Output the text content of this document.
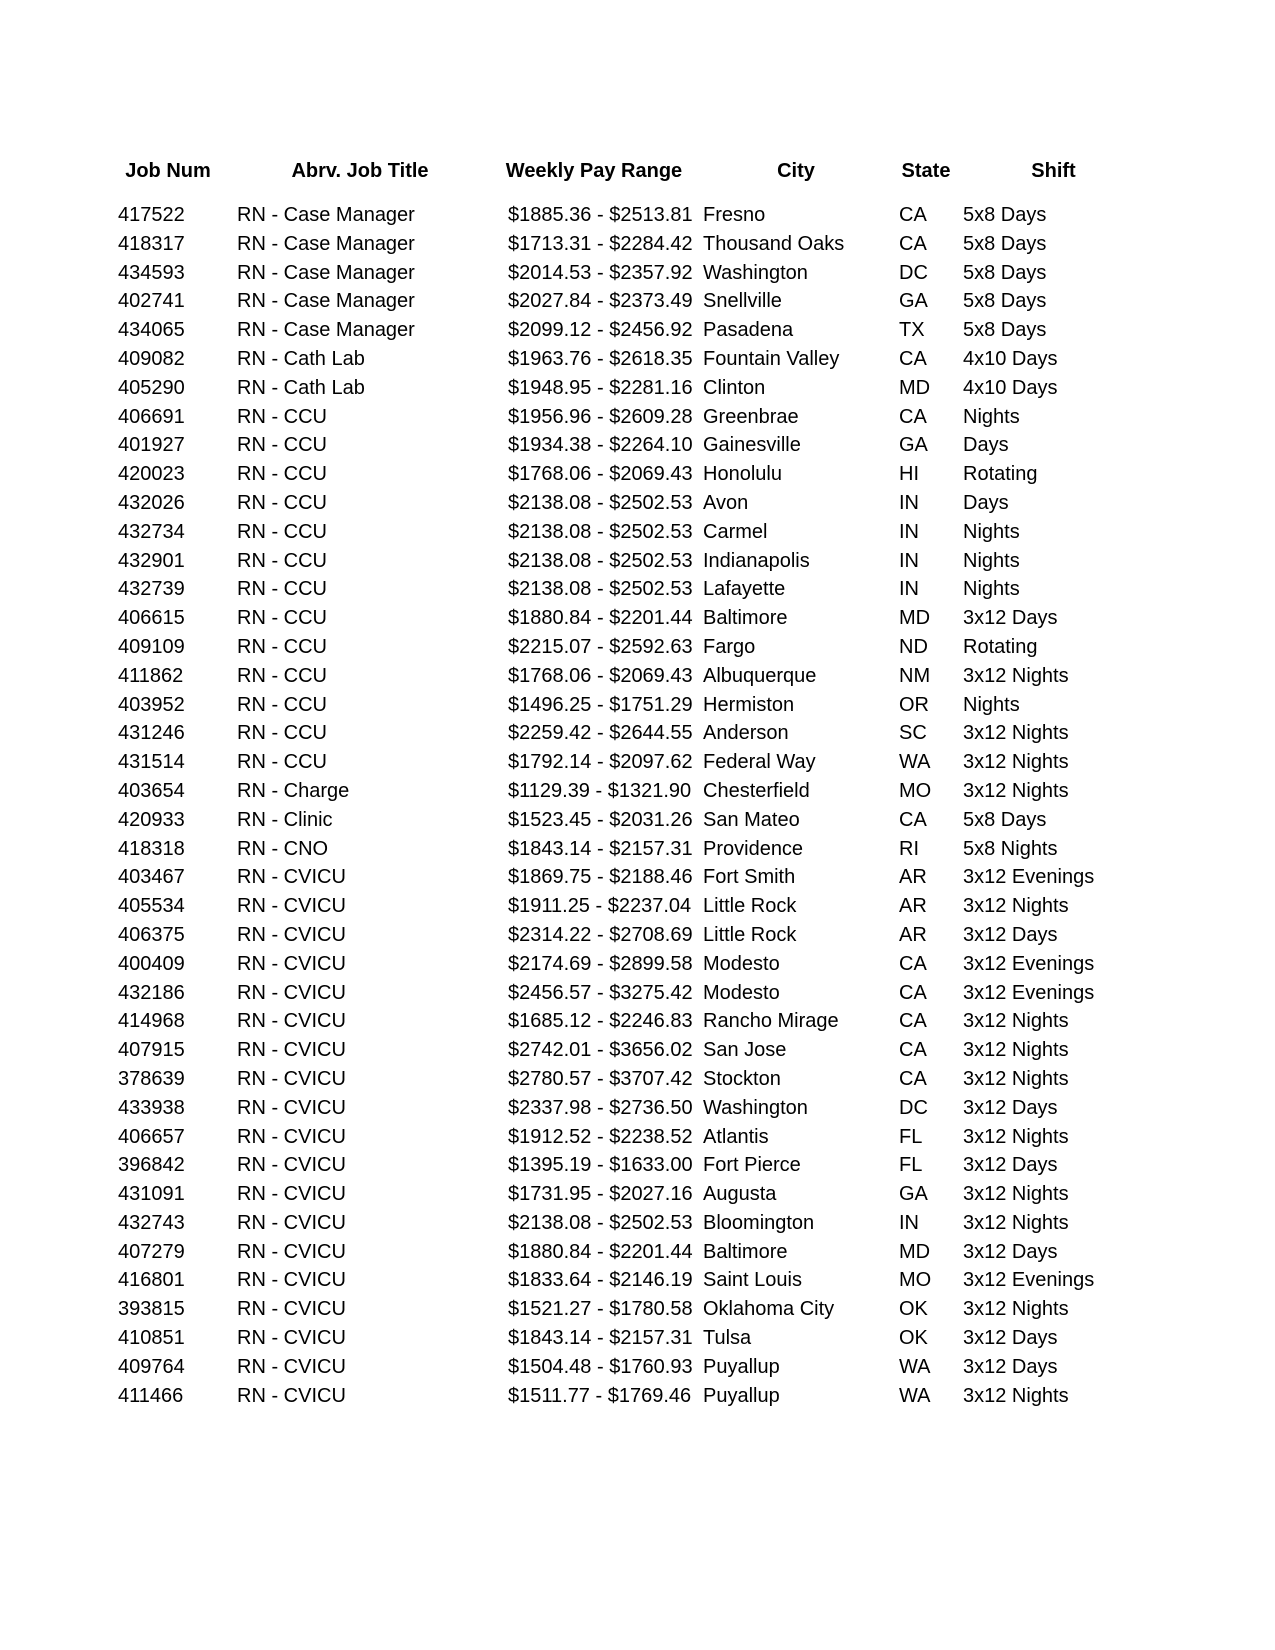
Job Num	Abrv. Job Title	Weekly Pay Range	City	State	Shift
417522	RN - Case Manager	$1885.36 - $2513.81	Fresno	CA	5x8 Days
418317	RN - Case Manager	$1713.31 - $2284.42	Thousand Oaks	CA	5x8 Days
434593	RN - Case Manager	$2014.53 - $2357.92	Washington	DC	5x8 Days
402741	RN - Case Manager	$2027.84 - $2373.49	Snellville	GA	5x8 Days
434065	RN - Case Manager	$2099.12 - $2456.92	Pasadena	TX	5x8 Days
409082	RN - Cath Lab	$1963.76 - $2618.35	Fountain Valley	CA	4x10 Days
405290	RN - Cath Lab	$1948.95 - $2281.16	Clinton	MD	4x10 Days
406691	RN - CCU	$1956.96 - $2609.28	Greenbrae	CA	Nights
401927	RN - CCU	$1934.38 - $2264.10	Gainesville	GA	Days
420023	RN - CCU	$1768.06 - $2069.43	Honolulu	HI	Rotating
432026	RN - CCU	$2138.08 - $2502.53	Avon	IN	Days
432734	RN - CCU	$2138.08 - $2502.53	Carmel	IN	Nights
432901	RN - CCU	$2138.08 - $2502.53	Indianapolis	IN	Nights
432739	RN - CCU	$2138.08 - $2502.53	Lafayette	IN	Nights
406615	RN - CCU	$1880.84 - $2201.44	Baltimore	MD	3x12 Days
409109	RN - CCU	$2215.07 - $2592.63	Fargo	ND	Rotating
411862	RN - CCU	$1768.06 - $2069.43	Albuquerque	NM	3x12 Nights
403952	RN - CCU	$1496.25 - $1751.29	Hermiston	OR	Nights
431246	RN - CCU	$2259.42 - $2644.55	Anderson	SC	3x12 Nights
431514	RN - CCU	$1792.14 - $2097.62	Federal Way	WA	3x12 Nights
403654	RN - Charge	$1129.39 - $1321.90	Chesterfield	MO	3x12 Nights
420933	RN - Clinic	$1523.45 - $2031.26	San Mateo	CA	5x8 Days
418318	RN - CNO	$1843.14 - $2157.31	Providence	RI	5x8 Nights
403467	RN - CVICU	$1869.75 - $2188.46	Fort Smith	AR	3x12 Evenings
405534	RN - CVICU	$1911.25 - $2237.04	Little Rock	AR	3x12 Nights
406375	RN - CVICU	$2314.22 - $2708.69	Little Rock	AR	3x12 Days
400409	RN - CVICU	$2174.69 - $2899.58	Modesto	CA	3x12 Evenings
432186	RN - CVICU	$2456.57 - $3275.42	Modesto	CA	3x12 Evenings
414968	RN - CVICU	$1685.12 - $2246.83	Rancho Mirage	CA	3x12 Nights
407915	RN - CVICU	$2742.01 - $3656.02	San Jose	CA	3x12 Nights
378639	RN - CVICU	$2780.57 - $3707.42	Stockton	CA	3x12 Nights
433938	RN - CVICU	$2337.98 - $2736.50	Washington	DC	3x12 Days
406657	RN - CVICU	$1912.52 - $2238.52	Atlantis	FL	3x12 Nights
396842	RN - CVICU	$1395.19 - $1633.00	Fort Pierce	FL	3x12 Days
431091	RN - CVICU	$1731.95 - $2027.16	Augusta	GA	3x12 Nights
432743	RN - CVICU	$2138.08 - $2502.53	Bloomington	IN	3x12 Nights
407279	RN - CVICU	$1880.84 - $2201.44	Baltimore	MD	3x12 Days
416801	RN - CVICU	$1833.64 - $2146.19	Saint Louis	MO	3x12 Evenings
393815	RN - CVICU	$1521.27 - $1780.58	Oklahoma City	OK	3x12 Nights
410851	RN - CVICU	$1843.14 - $2157.31	Tulsa	OK	3x12 Days
409764	RN - CVICU	$1504.48 - $1760.93	Puyallup	WA	3x12 Days
411466	RN - CVICU	$1511.77 - $1769.46	Puyallup	WA	3x12 Nights
